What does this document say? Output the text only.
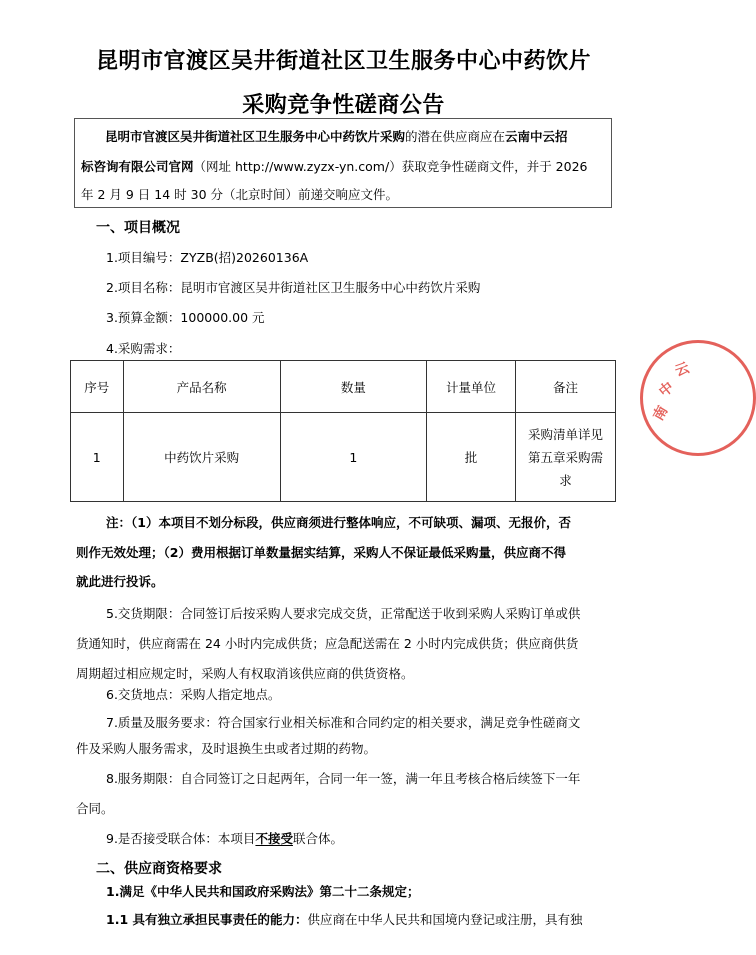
昆明市官渡区吴井街道社区卫生服务中心中药饮片
采购竞争性磋商公告
昆明市官渡区吴井街道社区卫生服务中心中药饮片采购的潜在供应商应在云南中云招
标咨询有限公司官网（网址 http://www.zyzx-yn.com/）获取竞争性磋商文件，并于 2026
年 2 月 9 日 14 时 30 分（北京时间）前递交响应文件。
一、项目概况
1.项目编号：ZYZB(招)20260136A
2.项目名称：昆明市官渡区吴井街道社区卫生服务中心中药饮片采购
3.预算金额：100000.00 元
4.采购需求：
序号	产品名称	数量	计量单位	备注
1	中药饮片采购	1	批	采购清单详见
第五章采购需
求
注：（1）本项目不划分标段，供应商须进行整体响应，不可缺项、漏项、无报价，否
则作无效处理；（2）费用根据订单数量据实结算，采购人不保证最低采购量，供应商不得
就此进行投诉。
5.交货期限：合同签订后按采购人要求完成交货，正常配送于收到采购人采购订单或供
货通知时，供应商需在 24 小时内完成供货；应急配送需在 2 小时内完成供货；供应商供货
周期超过相应规定时，采购人有权取消该供应商的供货资格。
6.交货地点：采购人指定地点。
7.质量及服务要求：符合国家行业相关标准和合同约定的相关要求，满足竞争性磋商文
件及采购人服务需求，及时退换生虫或者过期的药物。
8.服务期限：自合同签订之日起两年，合同一年一签，满一年且考核合格后续签下一年
合同。
9.是否接受联合体：本项目不接受联合体。
二、供应商资格要求
1.满足《中华人民共和国政府采购法》第二十二条规定；
1.1 具有独立承担民事责任的能力：供应商在中华人民共和国境内登记或注册，具有独
南
中
云
